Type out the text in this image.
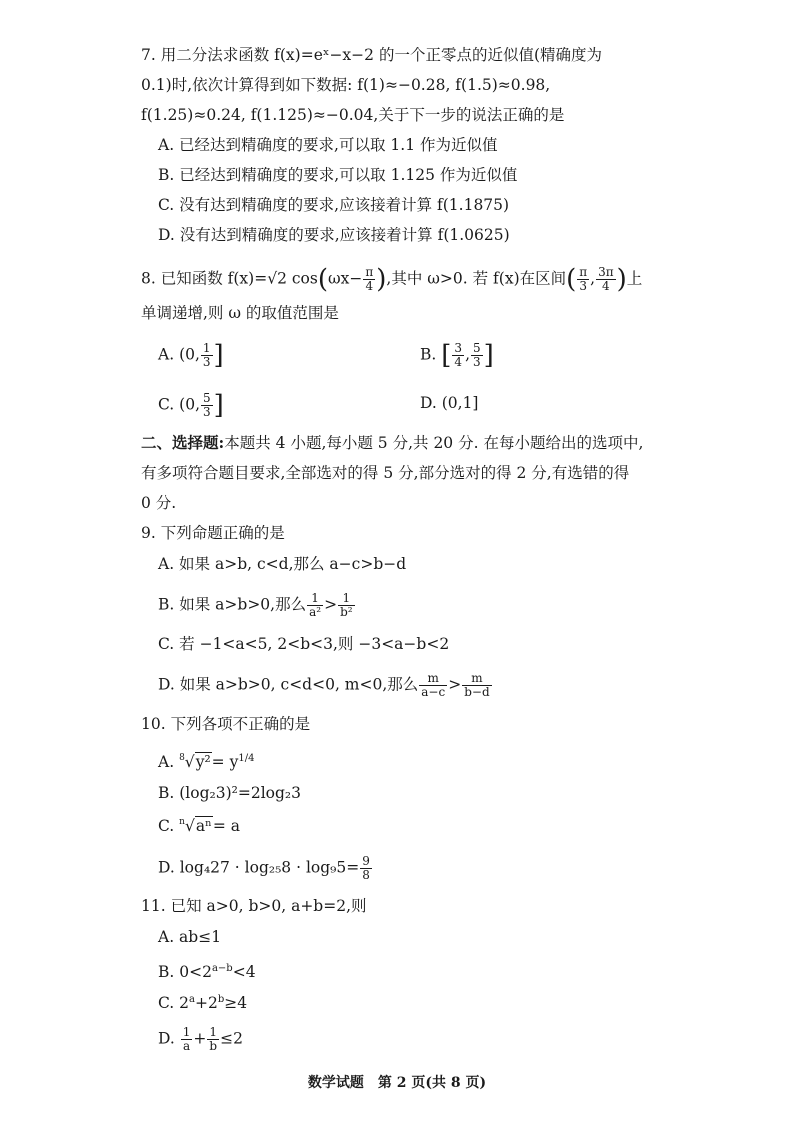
7. 用二分法求函数 f(x)=eˣ−x−2 的一个正零点的近似值(精确度为
0.1)时,依次计算得到如下数据: f(1)≈−0.28, f(1.5)≈0.98,
f(1.25)≈0.24, f(1.125)≈−0.04,关于下一步的说法正确的是
A. 已经达到精确度的要求,可以取 1.1 作为近似值
B. 已经达到精确度的要求,可以取 1.125 作为近似值
C. 没有达到精确度的要求,应该接着计算 f(1.1875)
D. 没有达到精确度的要求,应该接着计算 f(1.0625)
8. 已知函数 f(x)=√2 $\cos(\omega x- \frac{\pi}{4}$ ),其中 ω>0. 若 f(x)在区间( $\frac{\pi}{3}$ , $\frac{3\pi}{4}$ )上
单调递增,则 ω 的取值范围是
A. (0, $\frac{1}{3}$ ]	B. [ $\frac{3}{4}$ , $\frac{5}{3}$ ]
C. (0, $\frac{5}{3}$ ]	D. (0,1]
二、选择题:本题共 4 小题,每小题 5 分,共 20 分. 在每小题给出的选项中,
有多项符合题目要求,全部选对的得 5 分,部分选对的得 2 分,有选错的得
0 分.
9. 下列命题正确的是
A. 如果 a>b, c<d,那么 a−c>b−d
B. 如果 a>b>0,那么 $\frac{1}{\text{a²}} > \frac{1}{\text{b²}}$
C. 若 −1<a<5, 2<b<3,则 −3<a−b<2
D. 如果 a>b>0, c<d<0, m<0,那么 $\frac{m}{a-c} > \frac{m}{b-d}$
10. 下列各项不正确的是
A. $^8√y^2= y^{1/4}$
B. (log₂3)²=2log₂3
C. $^n$√aⁿ= a
D. $\log_427 \cdot \log_{25}8 \cdot \log_95= \frac{9}{8}$
11. 已知 a>0, b>0, a+b=2,则
A. ab≤1
B. $0<2^{a-b}<4$
C. $2^a+2^b\ge 4$
D. $\frac{1}{a} + \frac{1}{b} \le 2$
数学试题　第 2 页(共 8 页)
